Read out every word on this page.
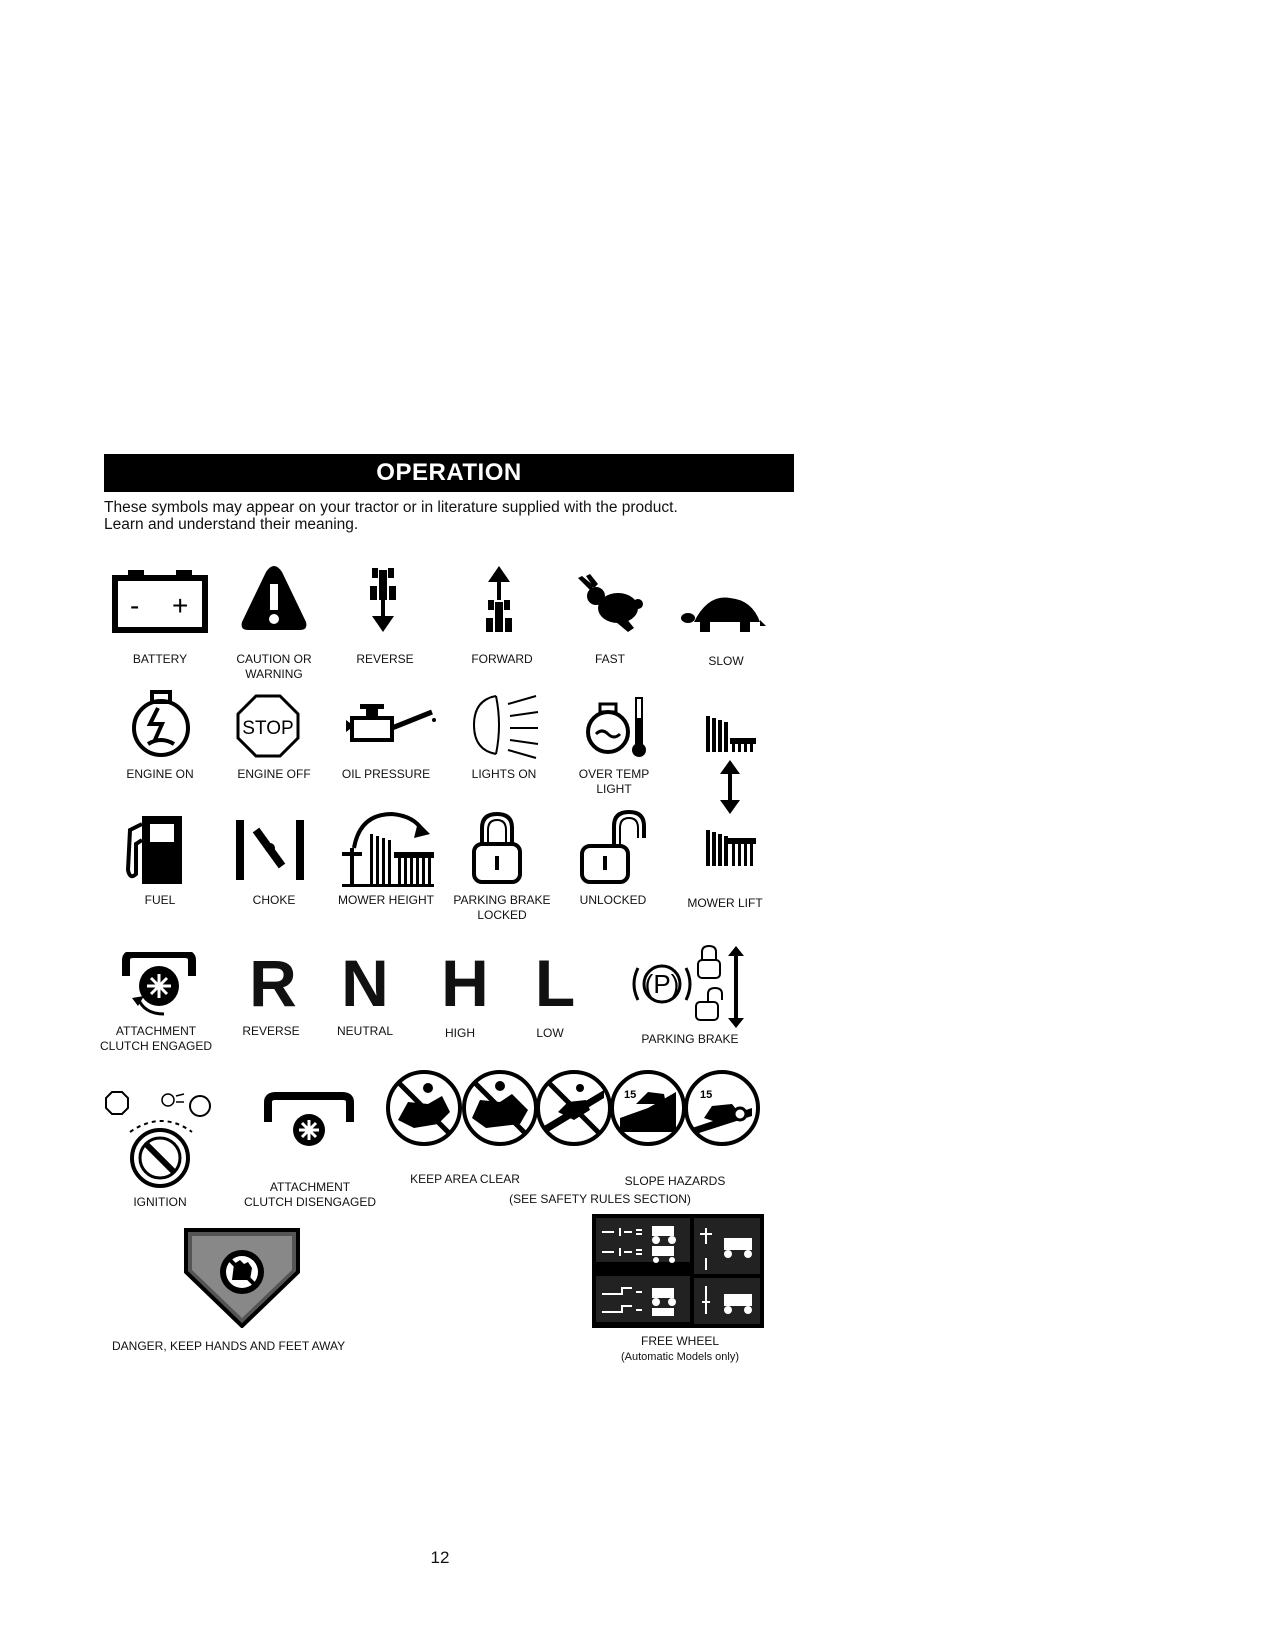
OPERATION
These symbols may appear on your tractor or in literature supplied with the product.
Learn and understand their meaning.
- +
BATTERY	CAUTION OR
WARNING
REVERSE	FORWARD	FAST	SLOW
STOP
ENGINE ON	ENGINE OFF	OIL PRESSURE	LIGHTS ON	OVER TEMP
LIGHT
FUEL	CHOKE	MOWER HEIGHT	PARKING BRAKE
LOCKED
UNLOCKED	MOWER LIFT
R N H L	(P)
ATTACHMENT
CLUTCH ENGAGED
REVERSE	NEUTRAL	HIGH	LOW	PARKING BRAKE
15	15
IGNITION
ATTACHMENT
CLUTCH DISENGAGED
KEEP AREA CLEAR	SLOPE HAZARDS
(SEE SAFETY RULES SECTION)
DANGER, KEEP HANDS AND FEET AWAY	FREE WHEEL
(Automatic Models only)
12
